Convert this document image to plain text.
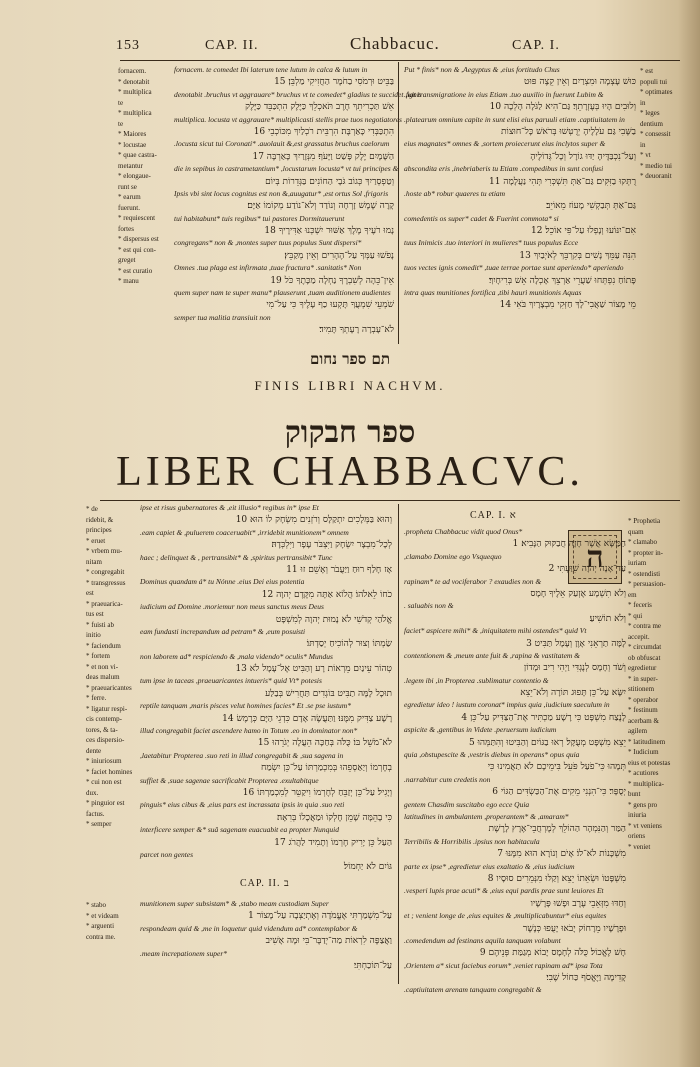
153	CAP. II.	Chabbacuc.	CAP. I.
fornacem.
* denotabit
* multiplica
te
* multiplica
te
* Maiores
* locustae
* quae castra-
metantur
* elongaue-
runt se
* earum
fuerunt.
* requiescent
fortes
* dispersus est
* est qui con-
greget
* est curatio
* manu
fornacem. te comedet Ibi laterum tene lutum in calca & lutum in
בַּבֵּיט וּרְמֹסִי בַחֹמֶר הַחֲזִיקִי מַלְבֵּן׃ 15
denotabit .bruchus vt aggrauare* bruchus vt te comedet* gladius te succidet ,ignis
אֵשׁ תַּכְרִיתֵךְ חֶרֶב תֹּאכְלֵךְ כַּיֶּלֶק הִתְכַּבֵּד כַּיֶּלֶק
multiplica. locusta vt aggrauare* multiplicasti stellis prae tuos negotiatores
הִתְכַּבְּדִי כָּאַרְבֶּה׃ הִרְבֵּית רֹכְלַיִךְ מִכּוֹכְבֵי 16
.locusta sicut tui Coronati* .auolauit &,est grassatus bruchus caelorum
הַשָּׁמָיִם יֶלֶק פָּשַׁט וַיָּעֹף׃ מִנְּזָרַיִךְ כָּאַרְבֶּה 17
die in sepibus in castrametantium* ,locustarum locusta* vt tui principes &
וְטַפְסְרַיִךְ כְּגוֹב גֹּבָי הַחוֹנִים בַּגְּדֵרוֹת בְּיוֹם
Ipsis vbi sint locus cognitus est non &,auugatur* ,est ortus Sol ,frigoris
קָרָה שֶׁמֶשׁ זָרְחָה וְנוֹדַד וְלֹא־נוֹדַע מְקוֹמוֹ אַיָּם׃
tui habitabunt* tuis regibus* tui pastores Dormitauerunt
נָמוּ רֹעֶיךָ מֶלֶךְ אַשּׁוּר יִשְׁכְּנוּ אַדִּירֶיךָ 18
congregans* non & ,montes super tuus populus Sunt dispersi*
נָפֹשׁוּ עַמְּךָ עַל־הֶהָרִים וְאֵין מְקַבֵּץ׃
Omnes .tua plaga est infirmata ,tuae fractura* .sanitatis* Non
אֵין־כֵּהָה לְשִׁבְרֶךָ נַחְלָה מַכָּתֶךָ כֹּל 19
quem super nam te super manu* plauserunt ,tuam auditionem audientes
שֹׁמְעֵי שִׁמְעֲךָ תָּקְעוּ כַף עָלֶיךָ כִּי עַל־מִי
semper tua malitia transiuit non
לֹא־עָבְרָה רָעָתְךָ תָּמִיד׃
Put * finis* non & ,Aegyptus & ,eius fortitudo Chus
כּוּשׁ עָצְמָה וּמִצְרַיִם וְאֵין קֵצֶה פּוּט
.fuit transmigratione in eius Etiam .tuo auxilio in fuerunt Lubim &
וְלוּבִים הָיוּ בְּעֶזְרָתֵךְ׃ גַּם־הִיא לַגֹּלָה הָלְכָה 10
.platearum omnium capite in sunt elisi eius paruuli etiam .captiuitatem in
בַשֶּׁבִי גַּם עֹלָלֶיהָ יְרֻטְּשׁוּ בְּרֹאשׁ כָּל־חוּצוֹת
eius magnates* omnes & ,sortem proiecerunt eius inclytos super &
וְעַל־נִכְבַּדֶּיהָ יַדּוּ גוֹרָל וְכָל־גְּדוֹלֶיהָ
abscondita eris ,inebriaberis tu Etiam .compedibus in sunt confusi
רֻתְּקוּ בַזִּקִּים׃ גַּם־אַתְּ תִּשְׁכְּרִי תְּהִי נַעֲלָמָה 11
.hoste ab* robur quaeres tu etiam
גַּם־אַתְּ תְּבַקְשִׁי מָעוֹז מֵאוֹיֵב׃
comedentis os super* cadet & Fuerint commota* si
אִם־יִנּוֹעוּ וְנָפְלוּ עַל־פִּי אוֹכֵל׃ 12
tuus Inimicis .tuo interiori in mulieres* tuus populus Ecce
הִנֵּה עַמֵּךְ נָשִׁים בְּקִרְבֵּךְ לְאֹיְבַיִךְ 13
tuos vectes ignis comedit* ,tuae terrae portae sunt aperiendo* aperiendo
פָּתוֹחַ נִפְתְּחוּ שַׁעֲרֵי אַרְצֵךְ אָכְלָה אֵשׁ בְּרִיחָיִךְ׃
intra quas munitiones fortifica ,tibi haurì munitionis Aquas
מֵי מָצוֹר שַׁאֲבִי־לָךְ חַזְּקִי מִבְצָרָיִךְ בֹּאִי 14
* est
populi tui
* optimates
in
* leges
dentium
* consessit
in
* vt
* medio tui
* deuoranit
תם ספר נחום
FINIS LIBRI NACHVM.
ספר חבקוק
LIBER CHABBACVC.
* de
ridebit, &
principes
* eruet
* vrbem mu-
nitam
* congregabit
* transgressus
est
* praeuarica-
tus est
* fuisti ab
initio
* faciendum
* fortem
* et non vi-
deas malum
* praeuaricantes
* ferre.
* ligatur respi-
cis contemp-
tores, & ta-
ces dispersio-
dente
* iniuriosum
* faciet homines
* cui non est
dux.
* pinguior est
factus.
* semper
ipse et risus gubernatores & ,eit illusio* regibus in* ipse Et
וְהוּא בַּמְּלָכִים יִתְקַלָּס וְרֹזְנִים מִשְׂחָק לוֹ הוּא 10
.eam capiet & ,puluerem coaceruabit* ,irridebit munitionem* omnem
לְכָל־מִבְצָר יִשְׂחָק וַיִּצְבֹּר עָפָר וַיִּלְכְּדָהּ׃
haec ; delinquet & , pertransibit* & ,spiritus pertransibit* Tunc
אָז חָלַף רוּחַ וַיַּעֲבֹר וְאָשֵׁם זוּ 11
Dominus quandam á* tu Nónne .eius Dei eius potentia
כֹחוֹ לֵאלֹהוֹ׃ הֲלוֹא אַתָּה מִקֶּדֶם יְהוָה 12
iudicium ad Domine .moriemur non meus sanctus meus Deus
אֱלֹהַי קְדֹשִׁי לֹא נָמוּת יְהוָה לְמִשְׁפָּט
eam fundasti increpandum ad petram* & ,eum posuisti
שַׂמְתּוֹ וְצוּר לְהוֹכִיחַ יְסַדְתּוֹ׃
non laborem ad* respiciendo & ,mala videndo* oculis* Mundus
טְהוֹר עֵינַיִם מֵרְאוֹת רָע וְהַבִּיט אֶל־עָמָל לֹא 13
tum ipse in taceas ,praeuaricantes intueris* quid Vt* potesis
תוּכָל לָמָּה תַבִּיט בּוֹגְדִים תַּחֲרִישׁ בְּבַלַּע
reptile tanquam ,maris pisces velut homines facies* Et .se pse iustum*
רָשָׁע צַדִּיק מִמֶּנּוּ׃ וַתַּעֲשֶׂה אָדָם כִּדְגֵי הַיָּם כְּרֶמֶשׂ 14
illud congregabit faciet ascendere hamo in Totum .eo in dominator non*
לֹא־מֹשֵׁל בּוֹ׃ כֻּלֹּה בְּחַכָּה הֵעֲלָה יְגֹרֵהוּ 15
,laetabitur Propterea .suo reti in illud congregabit & ,sua sagena in
בְחֶרְמוֹ וְיַאַסְפֵהוּ בְּמִכְמַרְתּוֹ עַל־כֵּן יִשְׂמַח
suffiet & ,suae sagenae sacrificabit Propterea .exultabitque
וְיָגִיל׃ עַל־כֵּן יְזַבֵּחַ לְחֶרְמוֹ וִיקַטֵּר לְמִכְמַרְתּוֹ 16
pinguis* eius cibus & ,eius pars est incrassata ipsis in quia .suo reti
כִּי בָהֵמָּה שָׁמֵן חֶלְקוֹ וּמַאֲכָלוֹ בְּרִאָה׃
interficere semper &* suâ sagenam euacuabit ea propter Nunquid
הַעַל כֵּן יָרִיק חֶרְמוֹ וְתָמִיד לַהֲרֹג 17
parcet non gentes
גּוֹיִם לֹא יַחְמוֹל׃
CAP. II. ב
* stabo
* et videam
* arguenti
contra me.
munitionem super subsistam* & ,stabo meam custodiam Super
עַל־מִשְׁמַרְתִּי אֶעֱמֹדָה וְאֶתְיַצְּבָה עַל־מָצוֹר 1
respondeam quid & ,me in loquetur quid videndum ad* contemplabor &
וַאֲצַפֶּה לִרְאוֹת מַה־יְדַבֶּר־בִּי וּמָה אָשִׁיב
.meam increpationem super*
עַל־תּוֹכַחְתִּי׃
CAP. I. א
ה
.propheta Chabbacuc vidit quod Onus*
הַמַּשָּׂא אֲשֶׁר חָזָה חֲבַקּוּק הַנָּבִיא׃ 1
,clamabo Domine ego Vsquequo
עַד־אָנָה יְהוָה שִׁוַּעְתִּי 2
rapinam* te ad vociferabor ? exaudies non &
וְלֹא תִשְׁמָע אֶזְעַק אֵלֶיךָ חָמָס
. saluabis non &
וְלֹא תוֹשִׁיעַ׃
faciet* aspicere mihi* & ,iniquitatem mihi ostendes* quid Vt
לָמָּה תַרְאֵנִי אָוֶן וְעָמָל תַּבִּיט 3
contentionem & ,meum ante fuit & ,rapina & vastitatem &
וְשֹׁד וְחָמָס לְנֶגְדִּי וַיְהִי רִיב וּמָדוֹן
.legem ibi ,in Propterea .sublimatur contentio &
יִשָּׂא׃ עַל־כֵּן תָּפוּג תּוֹרָה וְלֹא־יֵצֵא
egredietur ideo ! iustum coronat* impius quia ,iudicium saeculum in
לָנֶצַח מִשְׁפָּט כִּי רָשָׁע מַכְתִּיר אֶת־הַצַּדִּיק עַל־כֵּן 4
aspicite & ,gentibus in Videte .peruersum iudicium
יֵצֵא מִשְׁפָּט מְעֻקָּל׃ רְאוּ בַגּוֹיִם וְהַבִּיטוּ וְהִתַּמְּהוּ 5
quia ,obstupescite & ,vestris diebus in operans* opus quia
תְּמָהוּ כִּי־פֹעַל פֹּעֵל בִּימֵיכֶם לֹא תַאֲמִינוּ כִּי
.narrabitur cum credetis non
יְסֻפָּר׃ כִּי־הִנְנִי מֵקִים אֶת־הַכַּשְׂדִּים הַגּוֹי 6
gentem Chasdim suscitabo ego ecce Quia
latitudines in ambulantem ,properantem* & ,amaram*
הַמַּר וְהַנִּמְהָר הַהוֹלֵךְ לְמֶרְחֲבֵי־אֶרֶץ לָרֶשֶׁת
Terribilis & Horribilis .ipsius non habitacula
מִשְׁכָּנוֹת לֹא־לוֹ׃ אָיֹם וְנוֹרָא הוּא מִמֶּנּוּ 7
parte ex ipse* ,egredietur eius exaltatio & ,eius iudicium
מִשְׁפָּטוֹ וּשְׂאֵתוֹ יֵצֵא׃ וְקַלּוּ מִנְּמֵרִים סוּסָיו 8
.vesperi lupis prae acuti* & ,eius equi pardis prae sunt leuiores Et
וְחַדּוּ מִזְּאֵבֵי עֶרֶב וּפָשׁוּ פָּרָשָׁיו
et ; venient longe de ,eius equites & ,multiplicabuntur* eius equites
וּפָרָשָׁיו מֵרָחוֹק יָבֹאוּ יָעֻפוּ כְּנֶשֶׁר
.comedendum ad festinans aquila tanquam volabunt
חָשׁ לֶאֱכוֹל׃ כֻּלֹּה לְחָמָס יָבוֹא מְגַמַּת פְּנֵיהֶם 9
,Orientem a* sicut faciebus eorum* ,veniet rapinam ad* ipsa Tota
קָדִימָה וַיֶּאֱסֹף כַּחוֹל שֶׁבִי׃
.captiuitatem arenam tanquam congregabit &
* Prophetia
quam
* clamabo
* propter in-
iuriam
* ostendisti
* persuasion-
em
* feceris
* qui
* contra me
accepit.
* circumdat
ob obfuscat
egredietur
* in super-
stitionem
* operabor
* festinum
acerbam &
agilem
* latitudinem
* Iudicium
eius et potestas
* acutiores
* multiplica-
bunt
* gens pro
iniuria
* vt veniens
oriens
* veniet
